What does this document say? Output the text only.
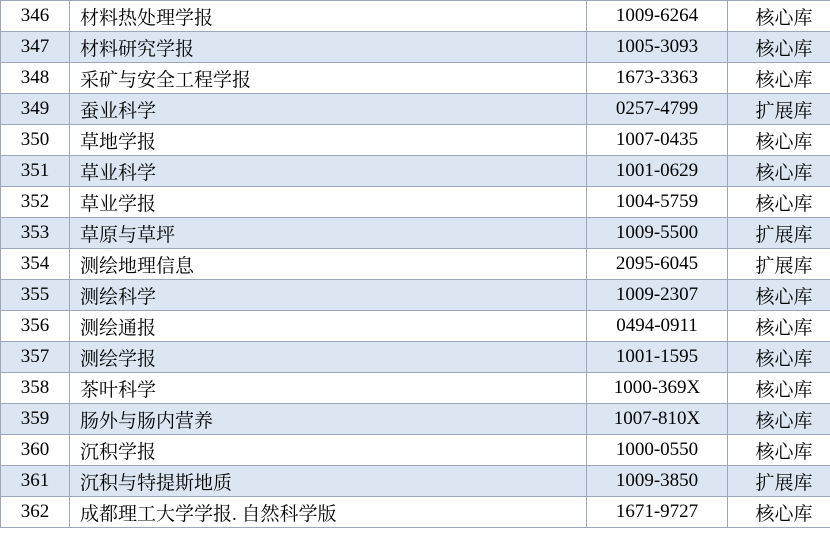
346	材料热处理学报	1009-6264	核心库
347	材料研究学报	1005-3093	核心库
348	采矿与安全工程学报	1673-3363	核心库
349	蚕业科学	0257-4799	扩展库
350	草地学报	1007-0435	核心库
351	草业科学	1001-0629	核心库
352	草业学报	1004-5759	核心库
353	草原与草坪	1009-5500	扩展库
354	测绘地理信息	2095-6045	扩展库
355	测绘科学	1009-2307	核心库
356	测绘通报	0494-0911	核心库
357	测绘学报	1001-1595	核心库
358	茶叶科学	1000-369X	核心库
359	肠外与肠内营养	1007-810X	核心库
360	沉积学报	1000-0550	核心库
361	沉积与特提斯地质	1009-3850	扩展库
362	成都理工大学学报. 自然科学版	1671-9727	核心库
